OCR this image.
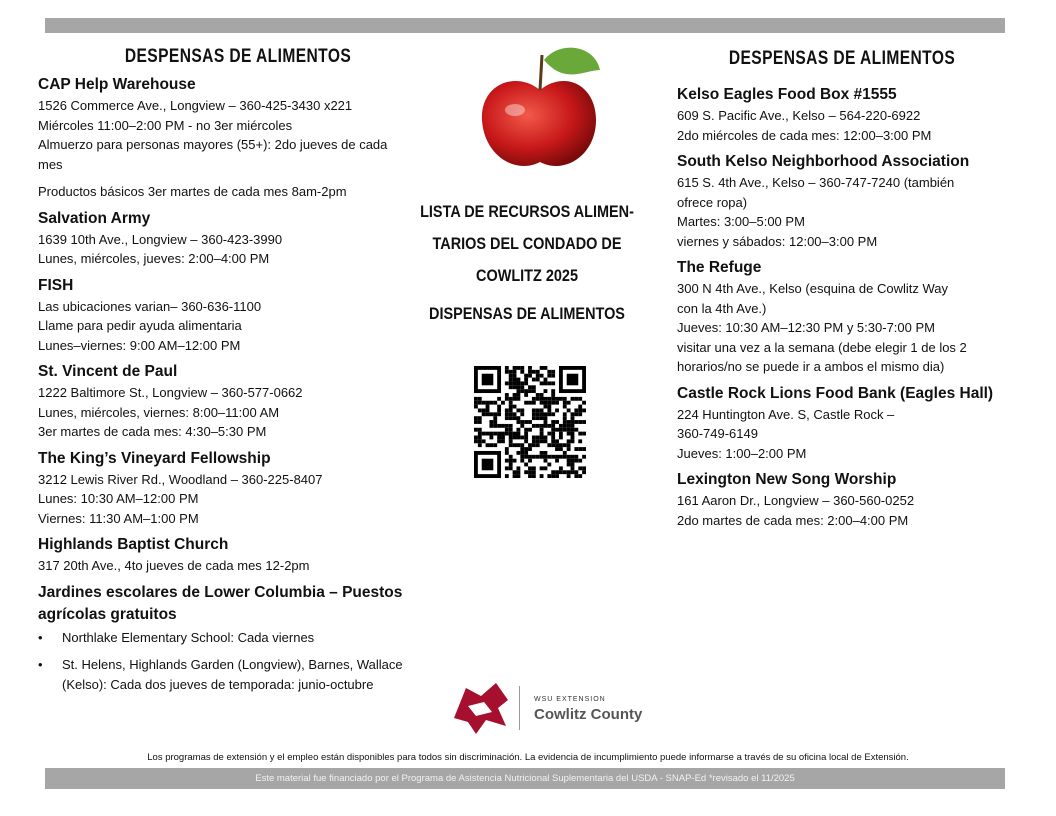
DESPENSAS DE ALIMENTOS
CAP Help Warehouse
1526 Commerce Ave., Longview – 360-425-3430 x221
Miércoles 11:00–2:00 PM - no 3er miércoles
Almuerzo para personas mayores (55+): 2do jueves de cada
mes
Productos básicos 3er martes de cada mes 8am-2pm
Salvation Army
1639 10th Ave., Longview – 360-423-3990
Lunes, miércoles, jueves: 2:00–4:00 PM
FISH
Las ubicaciones varian– 360-636-1100
Llame para pedir ayuda alimentaria
Lunes–viernes: 9:00 AM–12:00 PM
St. Vincent de Paul
1222 Baltimore St., Longview – 360-577-0662
Lunes, miércoles, viernes: 8:00–11:00 AM
3er martes de cada mes: 4:30–5:30 PM
The King’s Vineyard Fellowship
3212 Lewis River Rd., Woodland – 360-225-8407
Lunes: 10:30 AM–12:00 PM
Viernes: 11:30 AM–1:00 PM
Highlands Baptist Church
317 20th Ave., 4to jueves de cada mes 12-2pm
Jardines escolares de Lower Columbia – Puestos agrícolas gratuitos
• Northlake Elementary School: Cada viernes
• St. Helens, Highlands Garden (Longview), Barnes, Wallace (Kelso): Cada dos jueves de temporada: junio-octubre
LISTA DE RECURSOS ALIMEN-
TARIOS DEL CONDADO DE
COWLITZ 2025
DISPENSAS DE ALIMENTOS
WSU EXTENSION
Cowlitz County
DESPENSAS DE ALIMENTOS
Kelso Eagles Food Box #1555
609 S. Pacific Ave., Kelso – 564-220-6922
2do miércoles de cada mes: 12:00–3:00 PM
South Kelso Neighborhood Association
615 S. 4th Ave., Kelso – 360-747-7240 (también
ofrece ropa)
Martes: 3:00–5:00 PM
viernes y sábados: 12:00–3:00 PM
The Refuge
300 N 4th Ave., Kelso (esquina de Cowlitz Way
con la 4th Ave.)
Jueves: 10:30 AM–12:30 PM y 5:30-7:00 PM
visitar una vez a la semana (debe elegir 1 de los 2
horarios/no se puede ir a ambos el mismo dia)
Castle Rock Lions Food Bank (Eagles Hall)
224 Huntington Ave. S, Castle Rock –
360-749-6149
Jueves: 1:00–2:00 PM
Lexington New Song Worship
161 Aaron Dr., Longview – 360-560-0252
2do martes de cada mes: 2:00–4:00 PM
Los programas de extensión y el empleo están disponibles para todos sin discriminación. La evidencia de incumplimiento puede informarse a través de su oficina local de Extensión.
Este material fue financiado por el Programa de Asistencia Nutricional Suplementaria del USDA - SNAP-Ed *revisado el 11/2025
